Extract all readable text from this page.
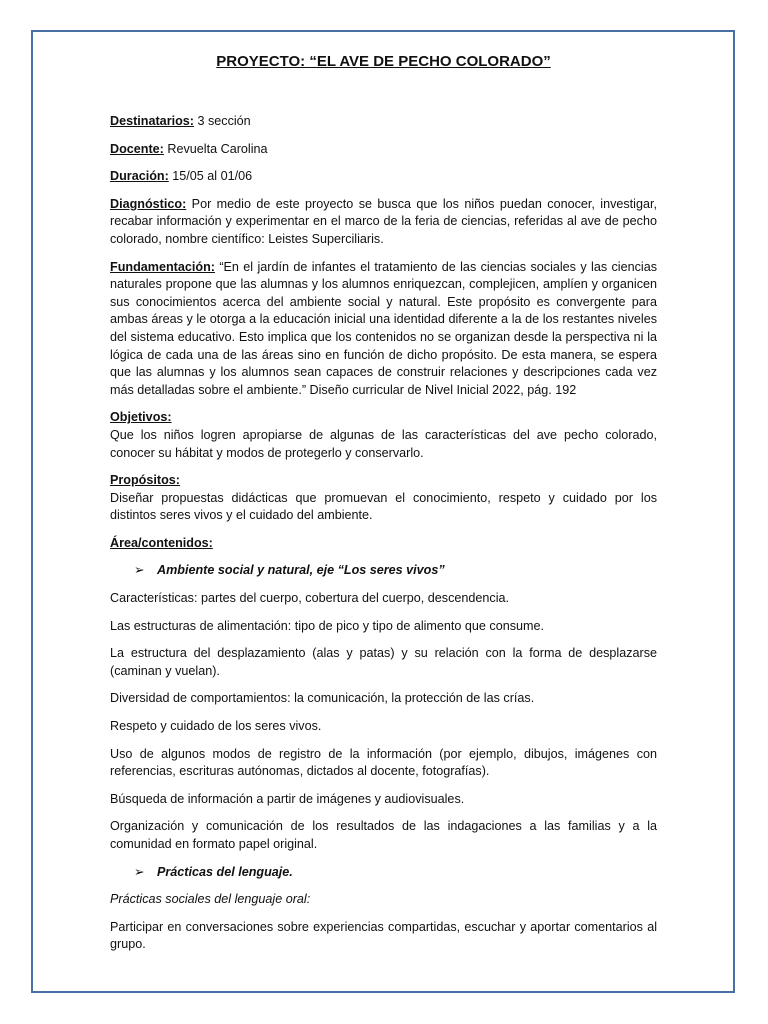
PROYECTO: “EL AVE DE PECHO COLORADO”
Destinatarios: 3 sección
Docente: Revuelta Carolina
Duración: 15/05 al 01/06
Diagnóstico: Por medio de este proyecto se busca que los niños puedan conocer, investigar, recabar información y experimentar en el marco de la feria de ciencias, referidas al ave de pecho colorado, nombre científico: Leistes Superciliaris.
Fundamentación: “En el jardín de infantes el tratamiento de las ciencias sociales y las ciencias naturales propone que las alumnas y los alumnos enriquezcan, complejicen, amplíen y organicen sus conocimientos acerca del ambiente social y natural. Este propósito es convergente para ambas áreas y le otorga a la educación inicial una identidad diferente a la de los restantes niveles del sistema educativo. Esto implica que los contenidos no se organizan desde la perspectiva ni la lógica de cada una de las áreas sino en función de dicho propósito. De esta manera, se espera que las alumnas y los alumnos sean capaces de construir relaciones y descripciones cada vez más detalladas sobre el ambiente.” Diseño curricular de Nivel Inicial 2022, pág. 192
Objetivos:
Que los niños logren apropiarse de algunas de las características del ave pecho colorado, conocer su hábitat y modos de protegerlo y conservarlo.
Propósitos:
Diseñar propuestas didácticas que promuevan el conocimiento, respeto y cuidado por los distintos seres vivos y el cuidado del ambiente.
Área/contenidos:
➢ Ambiente social y natural, eje “Los seres vivos”
Características: partes del cuerpo, cobertura del cuerpo, descendencia.
Las estructuras de alimentación: tipo de pico y tipo de alimento que consume.
La estructura del desplazamiento (alas y patas) y su relación con la forma de desplazarse (caminan y vuelan).
Diversidad de comportamientos: la comunicación, la protección de las crías.
Respeto y cuidado de los seres vivos.
Uso de algunos modos de registro de la información (por ejemplo, dibujos, imágenes con referencias, escrituras autónomas, dictados al docente, fotografías).
Búsqueda de información a partir de imágenes y audiovisuales.
Organización y comunicación de los resultados de las indagaciones a las familias y a la comunidad en formato papel original.
➢ Prácticas del lenguaje.
Prácticas sociales del lenguaje oral:
Participar en conversaciones sobre experiencias compartidas, escuchar y aportar comentarios al grupo.
